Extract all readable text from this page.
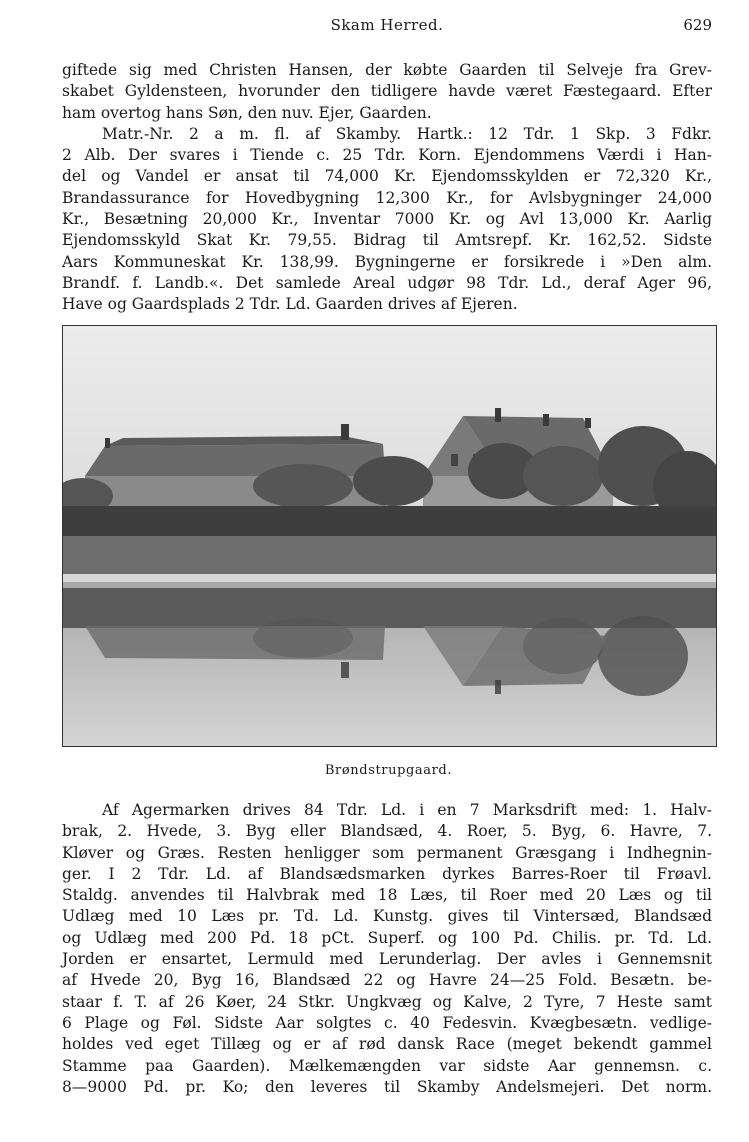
Skam Herred.	629
giftede sig med Christen Hansen, der købte Gaarden til Selveje fra Grev-
skabet Gyldensteen, hvorunder den tidligere havde været Fæstegaard. Efter
ham overtog hans Søn, den nuv. Ejer, Gaarden.
Matr.-Nr. 2 a m. fl. af Skamby. Hartk.: 12 Tdr. 1 Skp. 3 Fdkr.
2 Alb. Der svares i Tiende c. 25 Tdr. Korn. Ejendommens Værdi i Han-
del og Vandel er ansat til 74,000 Kr. Ejendomsskylden er 72,320 Kr.,
Brandassurance for Hovedbygning 12,300 Kr., for Avlsbygninger 24,000
Kr., Besætning 20,000 Kr., Inventar 7000 Kr. og Avl 13,000 Kr. Aarlig
Ejendomsskyld Skat Kr. 79,55. Bidrag til Amtsrepf. Kr. 162,52. Sidste
Aars Kommuneskat Kr. 138,99. Bygningerne er forsikrede i »Den alm.
Brandf. f. Landb.«. Det samlede Areal udgør 98 Tdr. Ld., deraf Ager 96,
Have og Gaardsplads 2 Tdr. Ld. Gaarden drives af Ejeren.
Brøndstrupgaard.
Af Agermarken drives 84 Tdr. Ld. i en 7 Marksdrift med: 1. Halv-
brak, 2. Hvede, 3. Byg eller Blandsæd, 4. Roer, 5. Byg, 6. Havre, 7.
Kløver og Græs. Resten henligger som permanent Græsgang i Indhegnin-
ger. I 2 Tdr. Ld. af Blandsædsmarken dyrkes Barres-Roer til Frøavl.
Staldg. anvendes til Halvbrak med 18 Læs, til Roer med 20 Læs og til
Udlæg med 10 Læs pr. Td. Ld. Kunstg. gives til Vintersæd, Blandsæd
og Udlæg med 200 Pd. 18 pCt. Superf. og 100 Pd. Chilis. pr. Td. Ld.
Jorden er ensartet, Lermuld med Lerunderlag. Der avles i Gennemsnit
af Hvede 20, Byg 16, Blandsæd 22 og Havre 24—25 Fold. Besætn. be-
staar f. T. af 26 Køer, 24 Stkr. Ungkvæg og Kalve, 2 Tyre, 7 Heste samt
6 Plage og Føl. Sidste Aar solgtes c. 40 Fedesvin. Kvægbesætn. vedlige-
holdes ved eget Tillæg og er af rød dansk Race (meget bekendt gammel
Stamme paa Gaarden). Mælkemængden var sidste Aar gennemsn. c.
8—9000 Pd. pr. Ko; den leveres til Skamby Andelsmejeri. Det norm.
